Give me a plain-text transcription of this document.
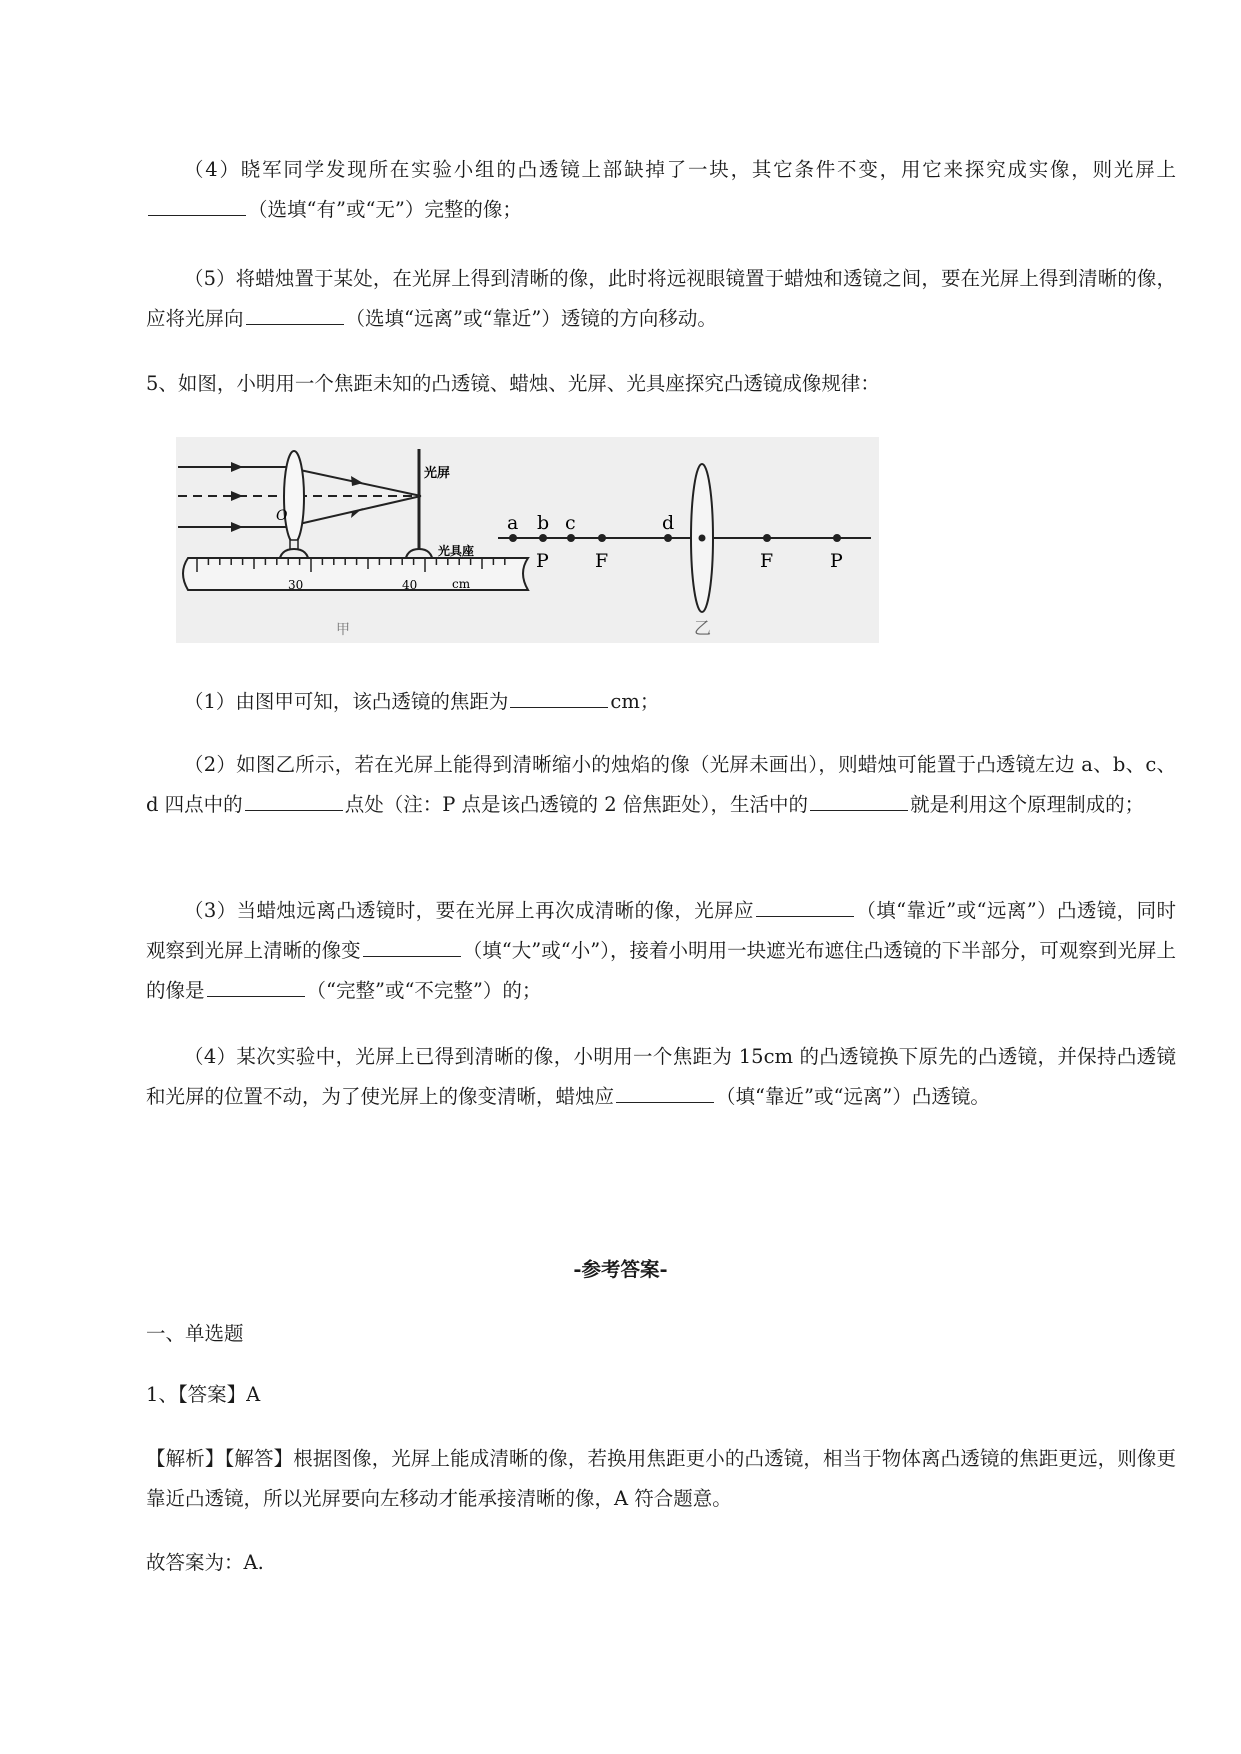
（4）晓军同学发现所在实验小组的凸透镜上部缺掉了一块，其它条件不变，用它来探究成实像，则光屏上（选填“有”或“无”）完整的像；

（5）将蜡烛置于某处，在光屏上得到清晰的像，此时将远视眼镜置于蜡烛和透镜之间，要在光屏上得到清晰的像，应将光屏向	（选填“远离”或“靠近”）透镜的方向移动。

5、如图，小明用一个焦距未知的凸透镜、蜡烛、光屏、光具座探究凸透镜成像规律：

O
光屏
光具座
30	40	cm
甲
a b c	d
P F	F	P
乙

（1）由图甲可知，该凸透镜的焦距为	cm；

（2）如图乙所示，若在光屏上能得到清晰缩小的烛焰的像（光屏未画出），则蜡烛可能置于凸透镜左边 a、b、c、d 四点中的	点处（注：P 点是该凸透镜的 2 倍焦距处），生活中的	就是利用这个原理制成的；

（3）当蜡烛远离凸透镜时，要在光屏上再次成清晰的像，光屏应	（填“靠近”或“远离”）凸透镜，同时观察到光屏上清晰的像变	（填“大”或“小”），接着小明用一块遮光布遮住凸透镜的下半部分，可观察到光屏上的像是	（“完整”或“不完整”）的；

（4）某次实验中，光屏上已得到清晰的像，小明用一个焦距为 15cm 的凸透镜换下原先的凸透镜，并保持凸透镜和光屏的位置不动，为了使光屏上的像变清晰，蜡烛应	（填“靠近”或“远离”）凸透镜。

-参考答案-

一、单选题

1、【答案】A

【解析】【解答】根据图像，光屏上能成清晰的像，若换用焦距更小的凸透镜，相当于物体离凸透镜的焦距更远，则像更靠近凸透镜，所以光屏要向左移动才能承接清晰的像，A 符合题意。

故答案为：A.
